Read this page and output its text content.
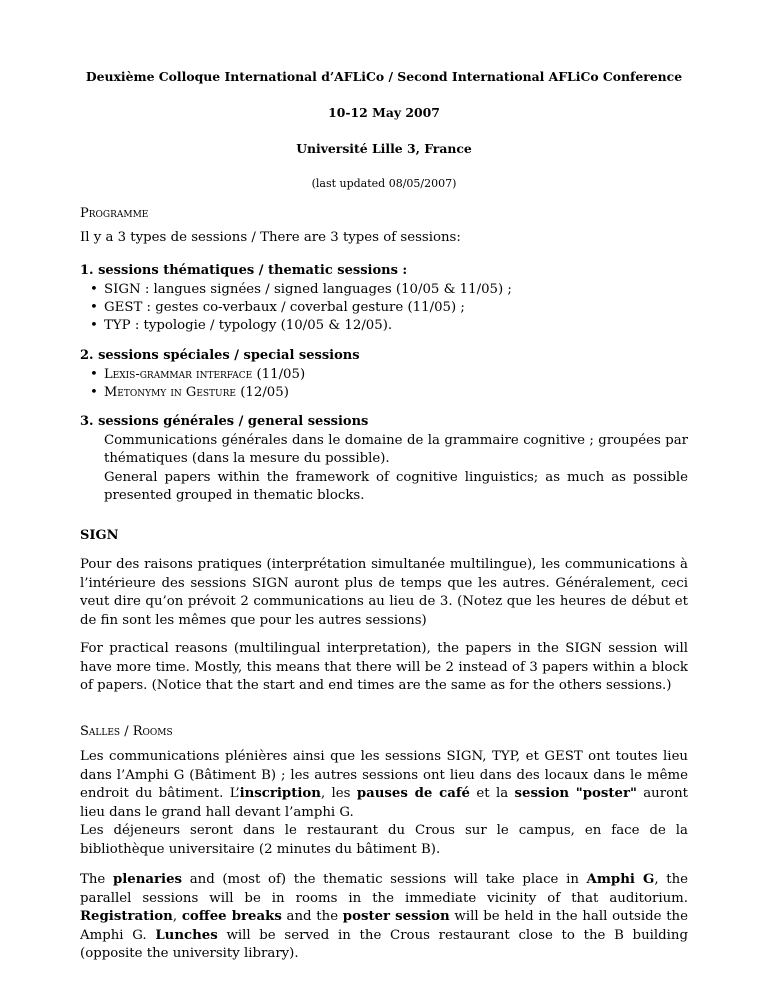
Deuxième Colloque International d’AFLiCo / Second International AFLiCo Conference
10-12 May 2007
Université Lille 3, France
(last updated 08/05/2007)
Programme
Il y a 3 types de sessions / There are 3 types of sessions:
1. sessions thématiques / thematic sessions :
• SIGN : langues signées / signed languages (10/05 & 11/05) ;
• GEST : gestes co-verbaux / coverbal gesture (11/05) ;
• TYP : typologie / typology (10/05 & 12/05).
2. sessions spéciales / special sessions
• Lexis-grammar interface (11/05)
• Metonymy in Gesture (12/05)
3. sessions générales / general sessions
Communications générales dans le domaine de la grammaire cognitive ; groupées par thématiques (dans la mesure du possible).
General papers within the framework of cognitive linguistics; as much as possible presented grouped in thematic blocks.
SIGN
Pour des raisons pratiques (interprétation simultanée multilingue), les communications à l’intérieure des sessions SIGN auront plus de temps que les autres. Généralement, ceci veut dire qu’on prévoit 2 communications au lieu de 3. (Notez que les heures de début et de fin sont les mêmes que pour les autres sessions)
For practical reasons (multilingual interpretation), the papers in the SIGN session will have more time. Mostly, this means that there will be 2 instead of 3 papers within a block of papers. (Notice that the start and end times are the same as for the others sessions.)
Salles / Rooms
Les communications plénières ainsi que les sessions SIGN, TYP, et GEST ont toutes lieu dans l’Amphi G (Bâtiment B) ; les autres sessions ont lieu dans des locaux dans le même endroit du bâtiment. L’inscription, les pauses de café et la session "poster" auront lieu dans le grand hall devant l’amphi G.
Les déjeneurs seront dans le restaurant du Crous sur le campus, en face de la bibliothèque universitaire (2 minutes du bâtiment B).
The plenaries and (most of) the thematic sessions will take place in Amphi G, the parallel sessions will be in rooms in the immediate vicinity of that auditorium. Registration, coffee breaks and the poster session will be held in the hall outside the Amphi G. Lunches will be served in the Crous restaurant close to the B building (opposite the university library).
